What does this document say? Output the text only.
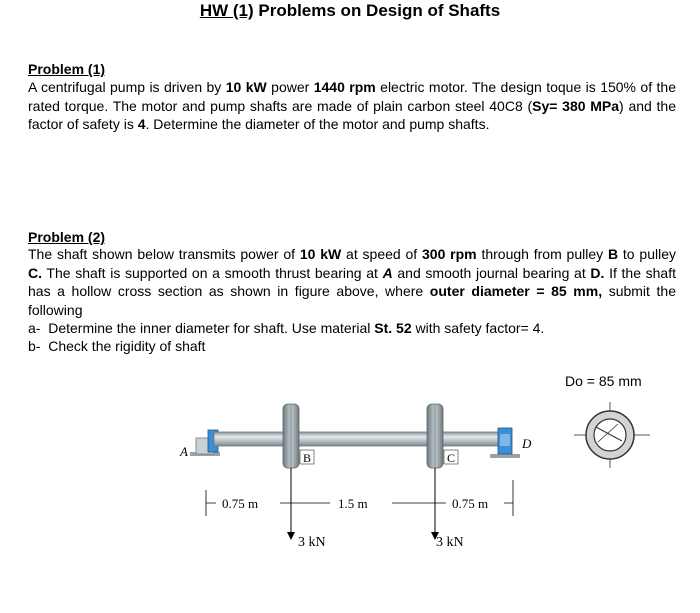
HW (1) Problems on Design of Shafts
Problem (1)
A centrifugal pump is driven by 10 kW power 1440 rpm electric motor. The design toque is 150% of the rated torque. The motor and pump shafts are made of plain carbon steel 40C8 (Sy= 380 MPa) and the factor of safety is 4. Determine the diameter of the motor and pump shafts.
Problem (2)
The shaft shown below transmits power of 10 kW at speed of 300 rpm through from pulley B to pulley C. The shaft is supported on a smooth thrust bearing at A and smooth journal bearing at D. If the shaft has a hollow cross section as shown in figure above, where outer diameter = 85 mm, submit the following
a- Determine the inner diameter for shaft. Use material St. 52 with safety factor= 4.
b- Check the rigidity of shaft
A	B	C
D
0.75 m	1.5 m	0.75 m
3 kN	3 kN
Do = 85 mm
